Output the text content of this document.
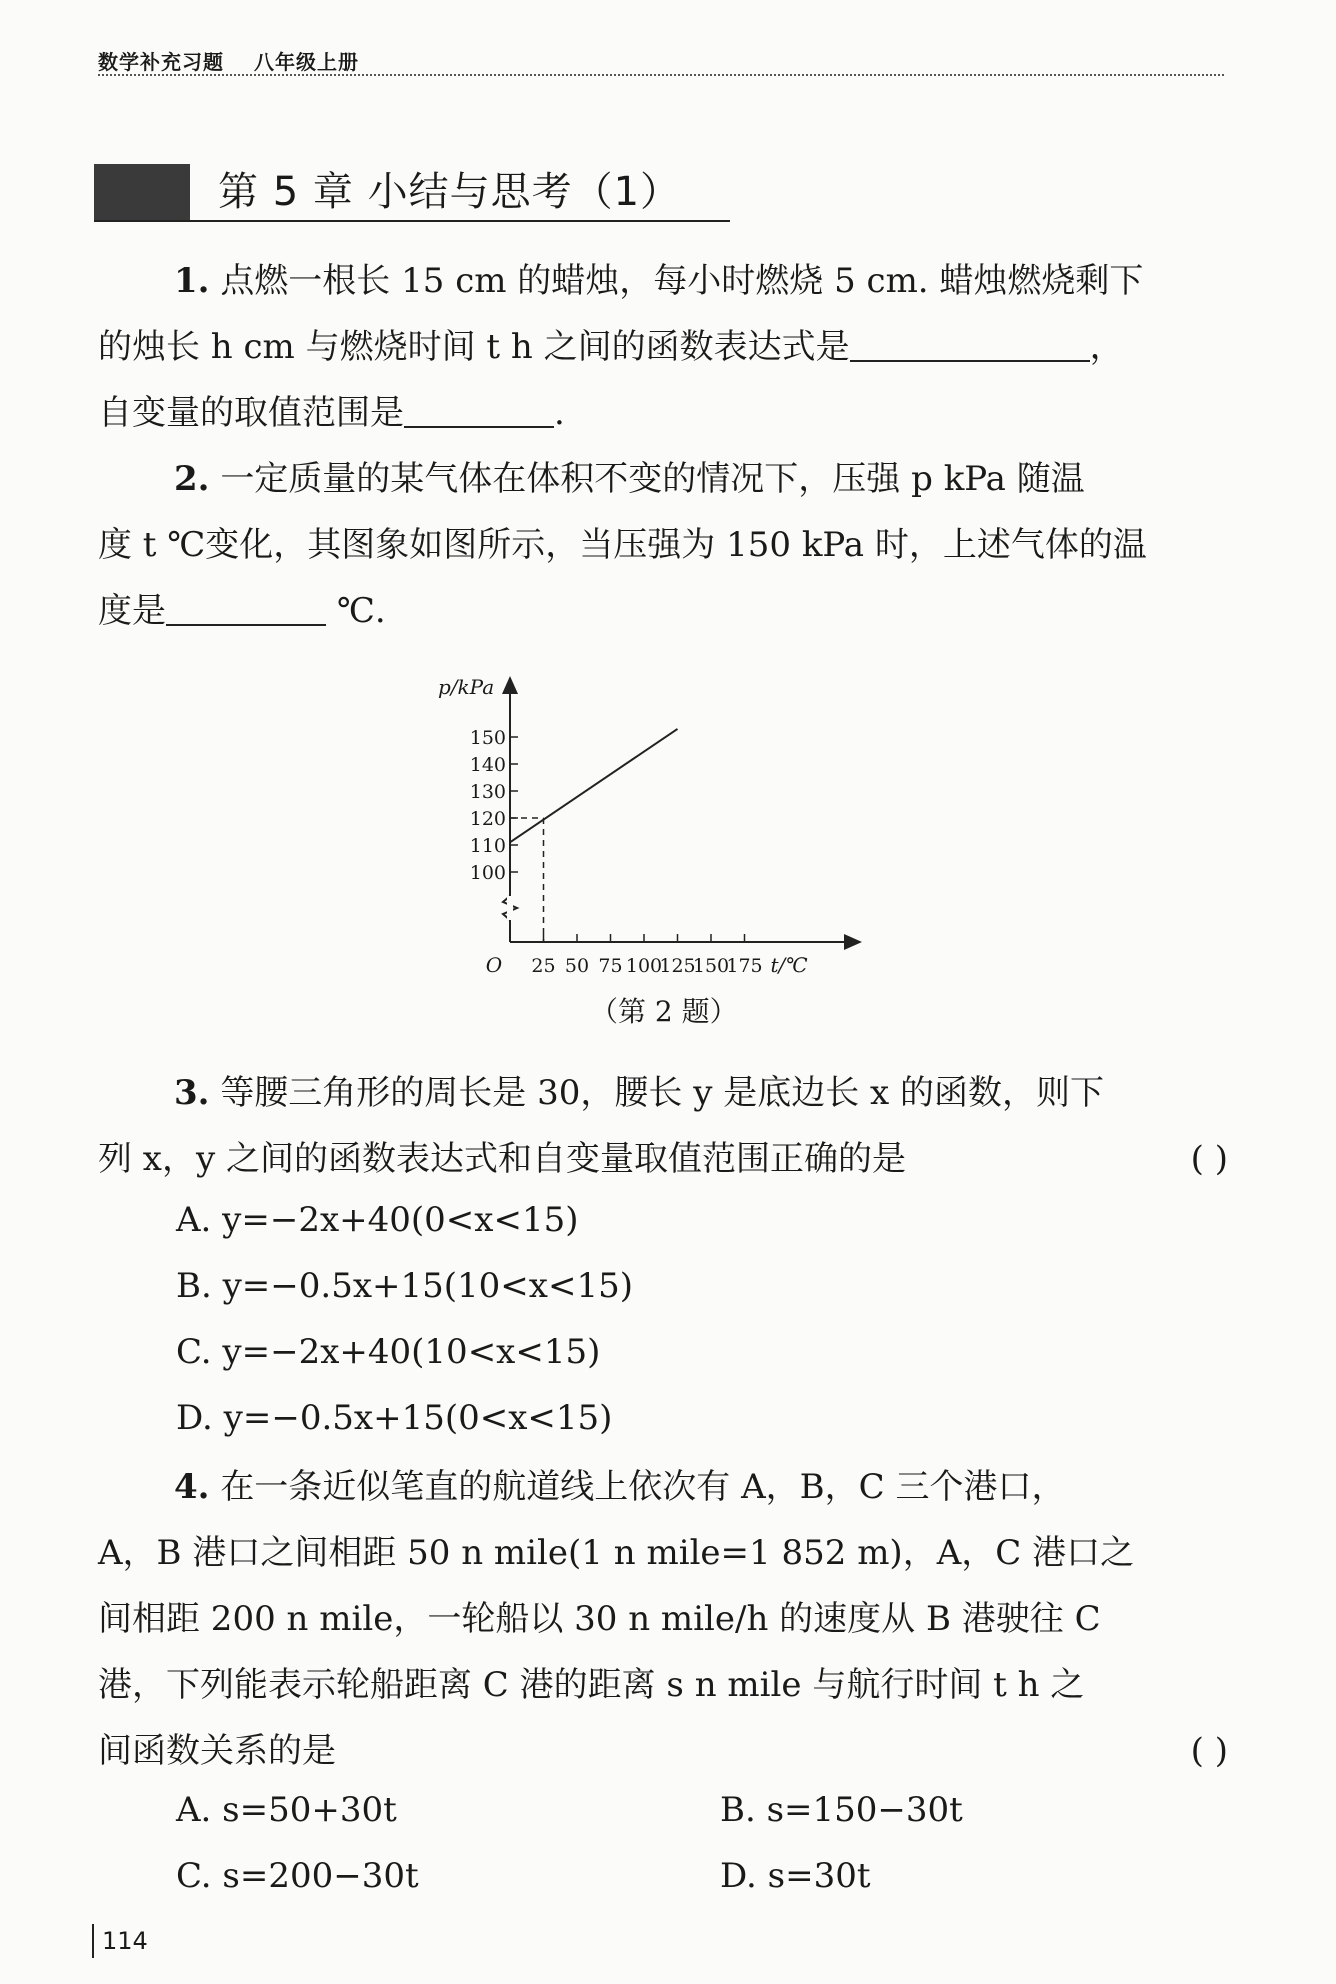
数学补充习题 八年级上册
第 5 章 小结与思考（1）
1. 点燃一根长 15 cm 的蜡烛，每小时燃烧 5 cm. 蜡烛燃烧剩下
的烛长 h cm 与燃烧时间 t h 之间的函数表达式是	，
自变量的取值范围是	.
2. 一定质量的某气体在体积不变的情况下，压强 p kPa 随温
度 t ℃变化，其图象如图所示，当压强为 150 kPa 时，上述气体的温
度是	℃.
100
110
120
130
140
150
25 50 75 100
125
150
175
p/kPa
t/℃
O
（第 2 题）
3. 等腰三角形的周长是 30，腰长 y 是底边长 x 的函数，则下
列 x，y 之间的函数表达式和自变量取值范围正确的是	( )
A. y=−2x+40(0<x<15)
B. y=−0.5x+15(10<x<15)
C. y=−2x+40(10<x<15)
D. y=−0.5x+15(0<x<15)
4. 在一条近似笔直的航道线上依次有 A，B，C 三个港口，
A，B 港口之间相距 50 n mile(1 n mile=1 852 m)，A，C 港口之
间相距 200 n mile，一轮船以 30 n mile/h 的速度从 B 港驶往 C
港，下列能表示轮船距离 C 港的距离 s n mile 与航行时间 t h 之
间函数关系的是	( )
A. s=50+30t	B. s=150−30t
C. s=200−30t	D. s=30t
114
